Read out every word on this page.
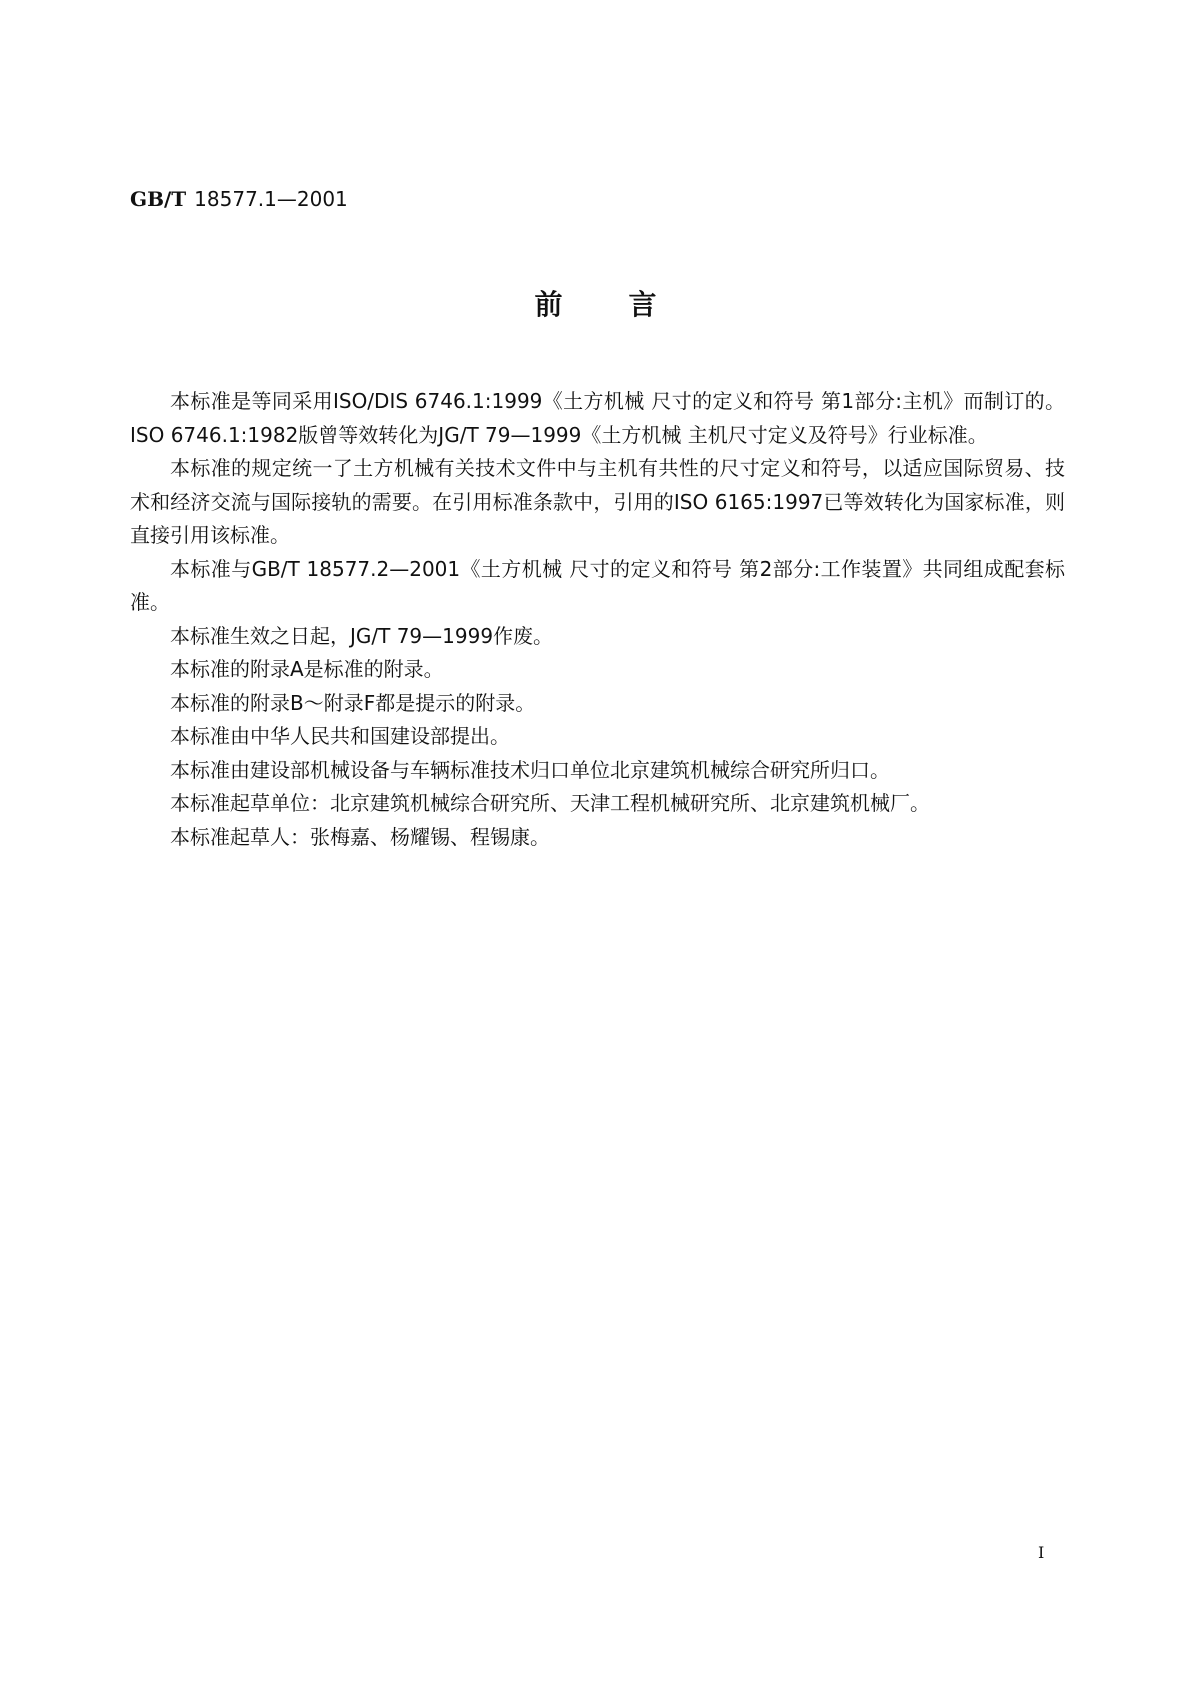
GB/T 18577.1—2001
前言

本标准是等同采用ISO/DIS 6746.1:1999《土方机械 尺寸的定义和符号 第1部分:主机》而制订的。ISO 6746.1:1982版曾等效转化为JG/T 79—1999《土方机械 主机尺寸定义及符号》行业标准。

本标准的规定统一了土方机械有关技术文件中与主机有共性的尺寸定义和符号，以适应国际贸易、技术和经济交流与国际接轨的需要。在引用标准条款中，引用的ISO 6165:1997已等效转化为国家标准，则直接引用该标准。

本标准与GB/T 18577.2—2001《土方机械 尺寸的定义和符号 第2部分:工作装置》共同组成配套标准。

本标准生效之日起，JG/T 79—1999作废。

本标准的附录A是标准的附录。

本标准的附录B～附录F都是提示的附录。

本标准由中华人民共和国建设部提出。

本标准由建设部机械设备与车辆标准技术归口单位北京建筑机械综合研究所归口。

本标准起草单位：北京建筑机械综合研究所、天津工程机械研究所、北京建筑机械厂。

本标准起草人：张梅嘉、杨耀锡、程锡康。

I
